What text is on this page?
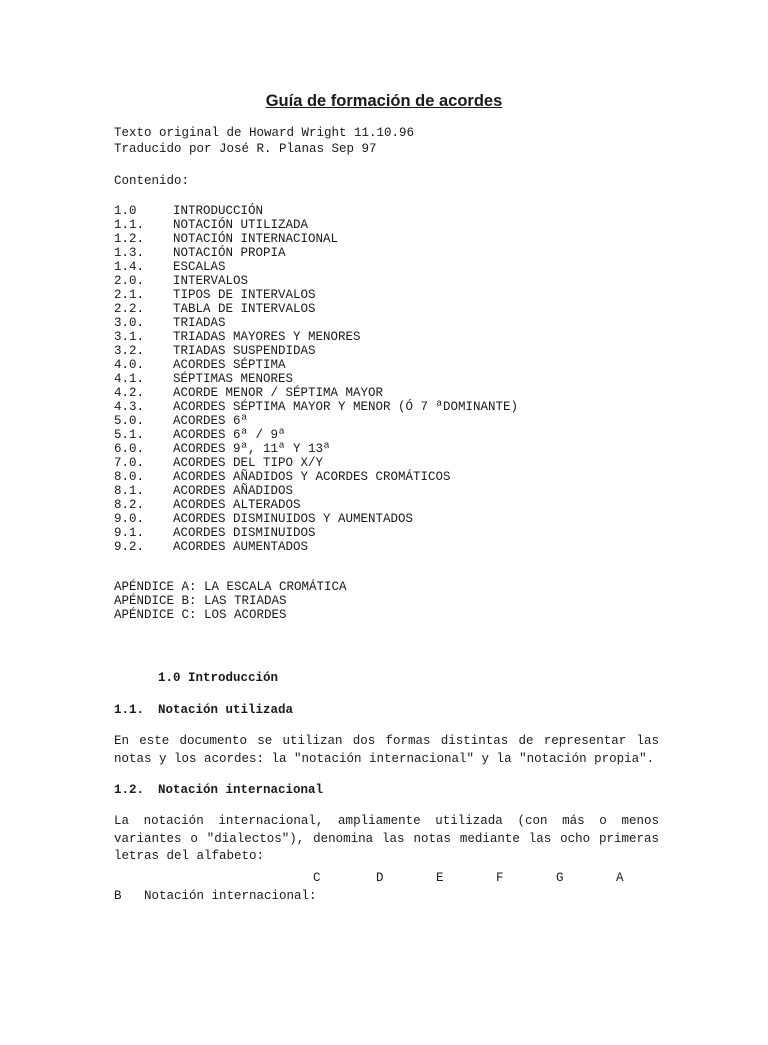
Guía de formación de acordes
Texto original de Howard Wright 11.10.96
Traducido por José R. Planas Sep 97
Contenido:
1.0	INTRODUCCIÓN
1.1. NOTACIÓN UTILIZADA
1.2. NOTACIÓN INTERNACIONAL
1.3. NOTACIÓN PROPIA
1.4. ESCALAS
2.0. INTERVALOS
2.1. TIPOS DE INTERVALOS
2.2. TABLA DE INTERVALOS
3.0. TRIADAS
3.1. TRIADAS MAYORES Y MENORES
3.2. TRIADAS SUSPENDIDAS
4.0. ACORDES SÉPTIMA
4.1. SÉPTIMAS MENORES
4.2. ACORDE MENOR / SÉPTIMA MAYOR
4.3. ACORDES SÉPTIMA MAYOR Y MENOR (Ó 7 ªDOMINANTE)
5.0. ACORDES 6ª
5.1. ACORDES 6ª / 9ª
6.0. ACORDES 9ª, 11ª Y 13ª
7.0. ACORDES DEL TIPO X/Y
8.0. ACORDES AÑADIDOS Y ACORDES CROMÁTICOS
8.1. ACORDES AÑADIDOS
8.2. ACORDES ALTERADOS
9.0. ACORDES DISMINUIDOS Y AUMENTADOS
9.1. ACORDES DISMINUIDOS
9.2. ACORDES AUMENTADOS
APÉNDICE A: LA ESCALA CROMÁTICA
APÉNDICE B: LAS TRIADAS
APÉNDICE C: LOS ACORDES
1.0 Introducción
1.1. Notación utilizada
En este documento se utilizan dos formas distintas de representar las notas y los acordes: la "notación internacional" y la "notación propia".
1.2. Notación internacional
La notación internacional, ampliamente utilizada (con más o menos variantes o "dialectos"), denomina las notas mediante las ocho primeras letras del alfabeto:

Notación internacional:

C

	D

	E

	F

	G

	A

B
